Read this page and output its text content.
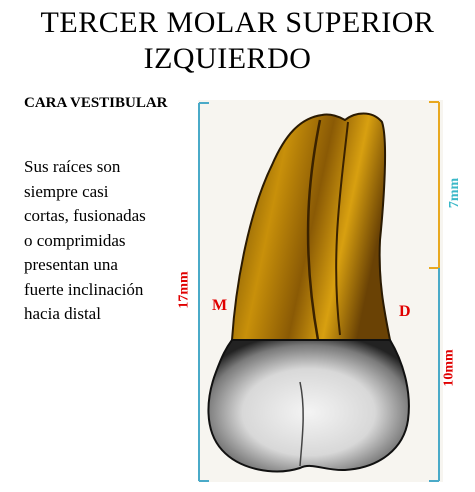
TERCER MOLAR SUPERIOR
IZQUIERDO
CARA VESTIBULAR
Sus raíces son
siempre casi
cortas, fusionadas
o comprimidas
presentan una
fuerte inclinación
hacia distal	M	D
17mm
7mm
10mm
